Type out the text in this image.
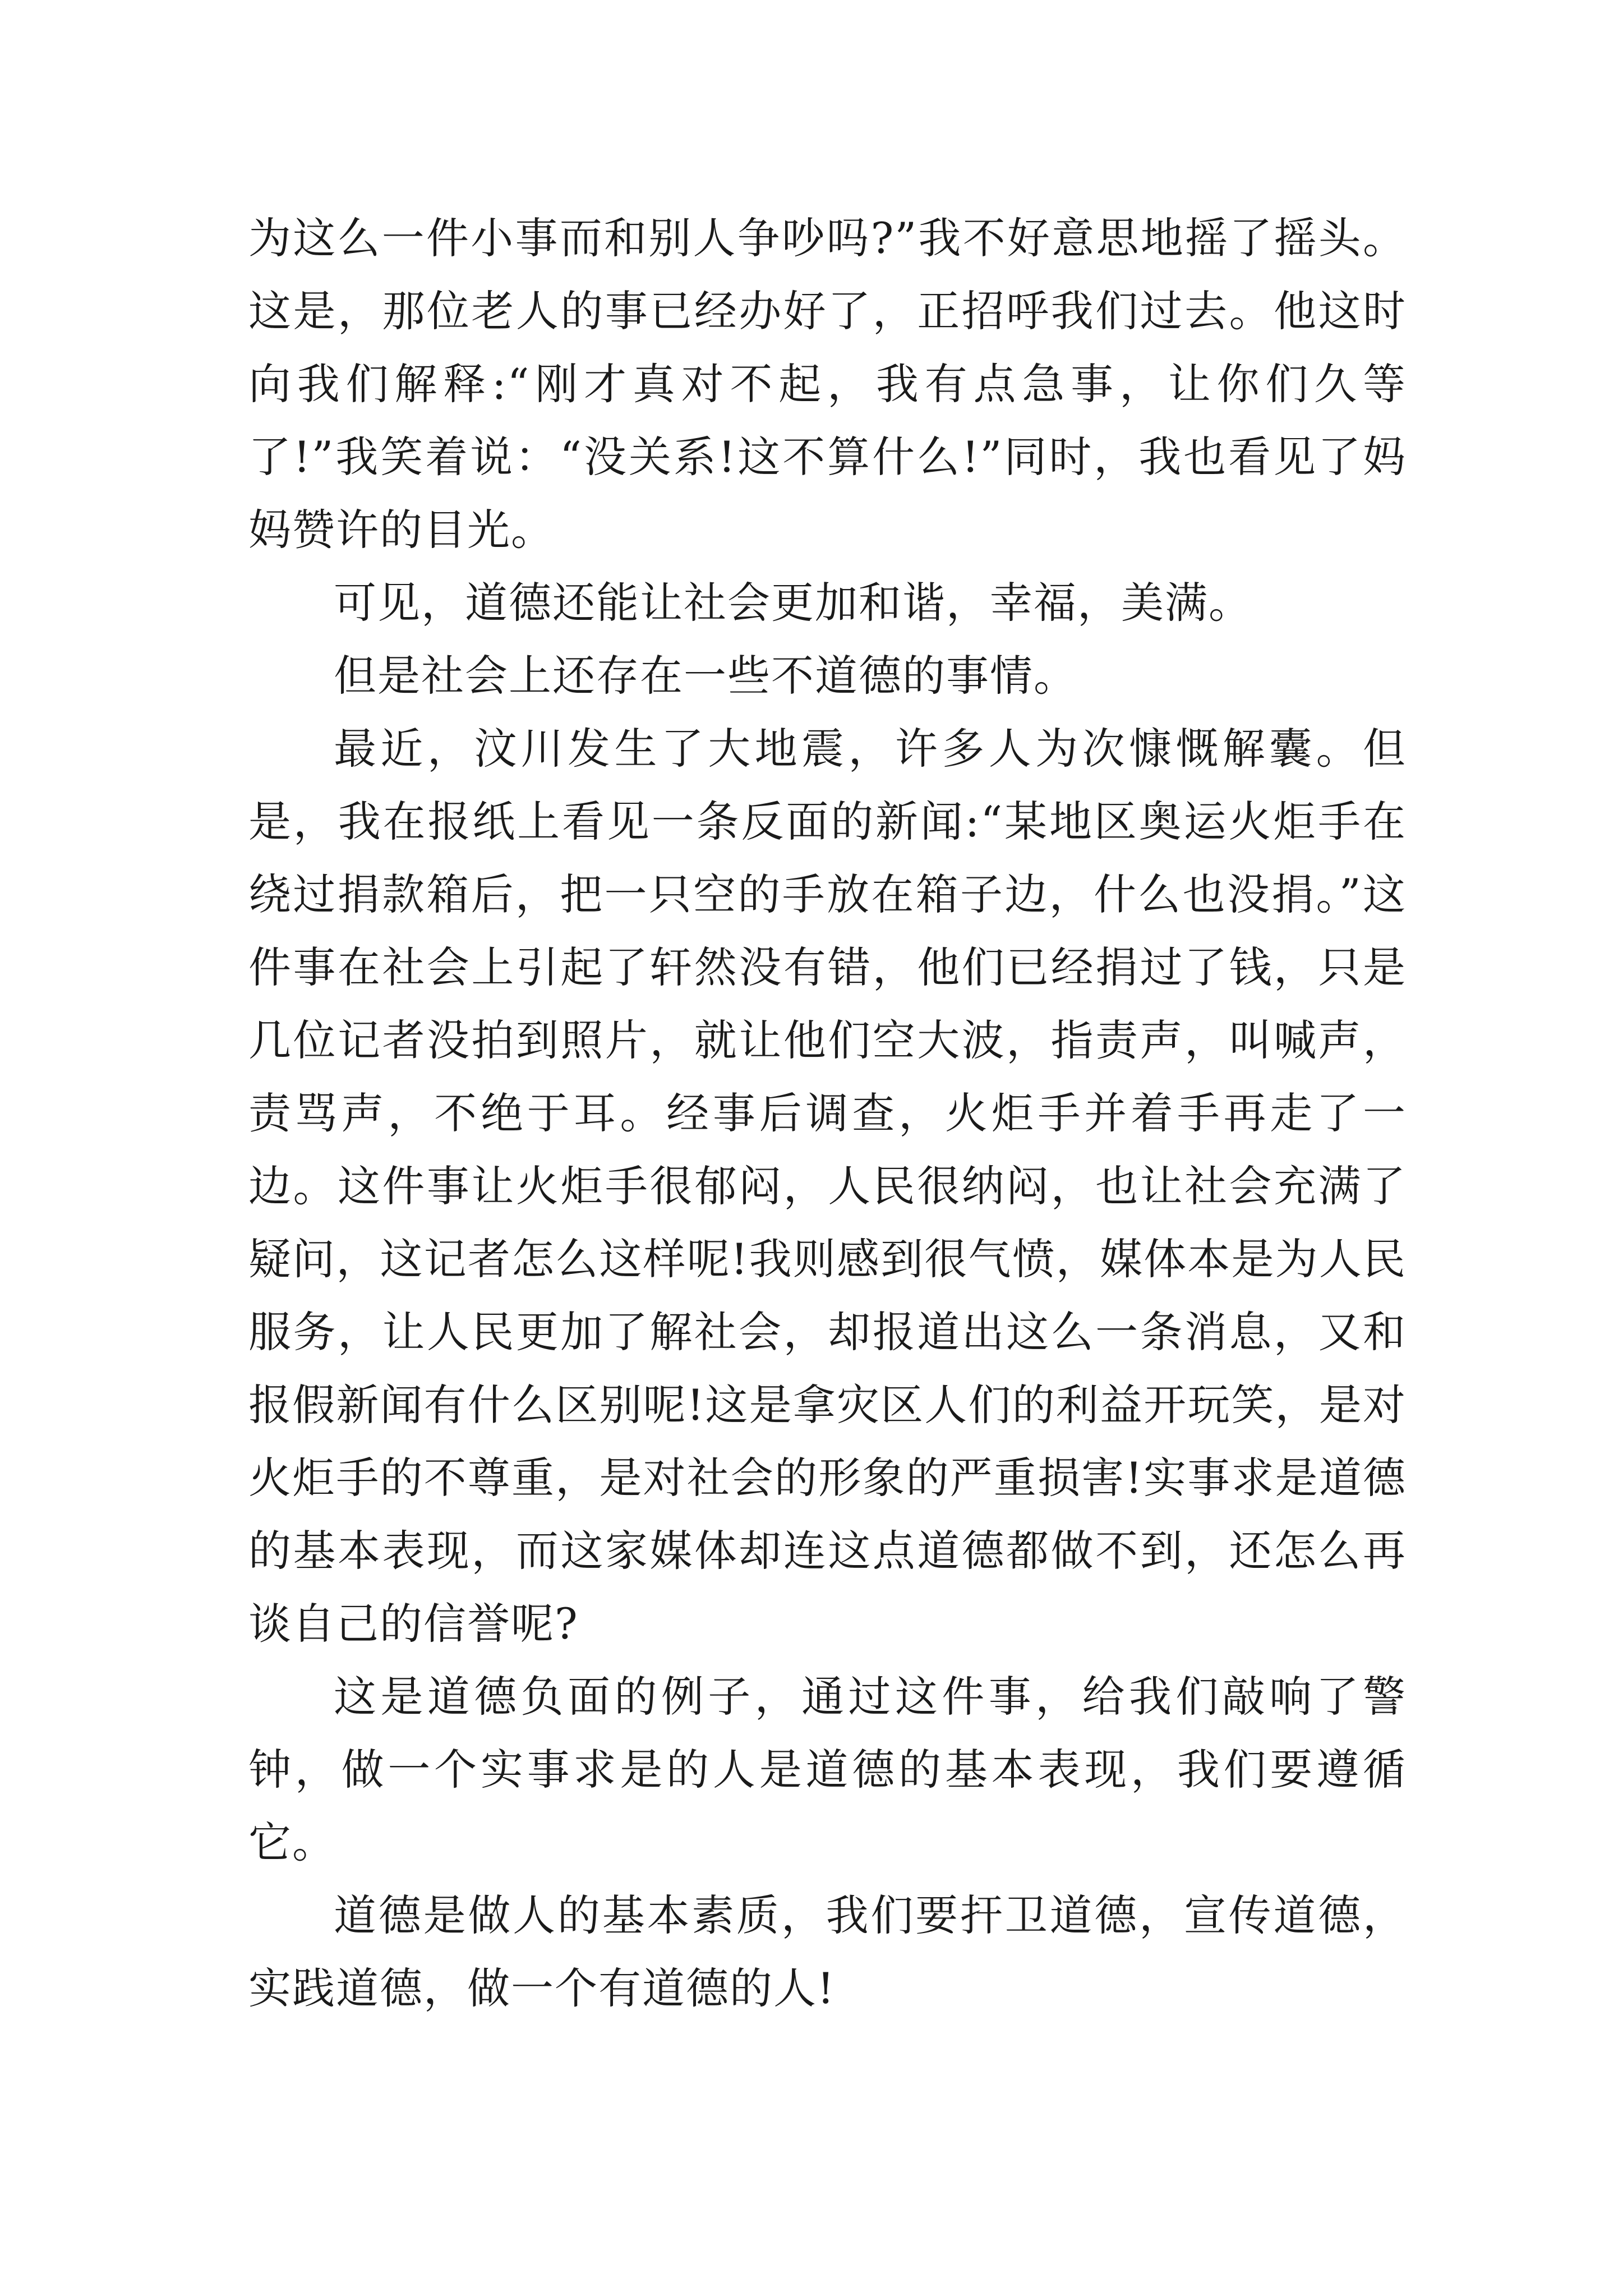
为这么一件小事而和别人争吵吗?”我不好意思地摇了摇头。这是，那位老人的事已经办好了，正招呼我们过去。他这时向我们解释:“刚才真对不起，我有点急事，让你们久等了!”我笑着说：“没关系!这不算什么!”同时，我也看见了妈妈赞许的目光。

可见，道德还能让社会更加和谐，幸福，美满。

但是社会上还存在一些不道德的事情。

最近，汶川发生了大地震，许多人为次慷慨解囊。但是，我在报纸上看见一条反面的新闻:“某地区奥运火炬手在绕过捐款箱后，把一只空的手放在箱子边，什么也没捐。”这件事在社会上引起了轩然没有错，他们已经捐过了钱，只是几位记者没拍到照片，就让他们空大波，指责声，叫喊声，责骂声，不绝于耳。经事后调查，火炬手并着手再走了一边。这件事让火炬手很郁闷，人民很纳闷，也让社会充满了疑问，这记者怎么这样呢!我则感到很气愤，媒体本是为人民服务，让人民更加了解社会，却报道出这么一条消息，又和报假新闻有什么区别呢!这是拿灾区人们的利益开玩笑，是对火炬手的不尊重，是对社会的形象的严重损害!实事求是道德的基本表现，而这家媒体却连这点道德都做不到，还怎么再谈自己的信誉呢?

这是道德负面的例子，通过这件事，给我们敲响了警钟，做一个实事求是的人是道德的基本表现，我们要遵循它。

道德是做人的基本素质，我们要扞卫道德，宣传道德，实践道德，做一个有道德的人!
